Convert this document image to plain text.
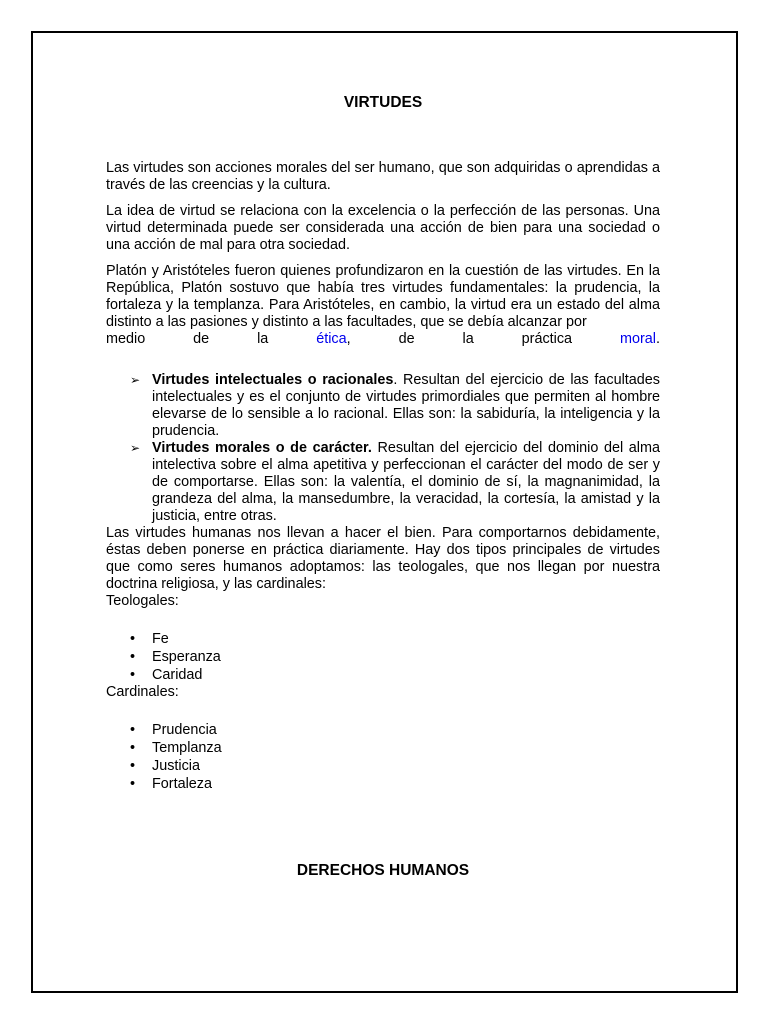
VIRTUDES

Las virtudes son acciones morales del ser humano, que son adquiridas o aprendidas a través de las creencias y la cultura.

La idea de virtud se relaciona con la excelencia o la perfección de las personas. Una virtud determinada puede ser considerada una acción de bien para una sociedad o una acción de mal para otra sociedad.

Platón y Aristóteles fueron quienes profundizaron en la cuestión de las virtudes. En la República, Platón sostuvo que había tres virtudes fundamentales: la prudencia, la fortaleza y la templanza. Para Aristóteles, en cambio, la virtud era un estado del alma distinto a las pasiones y distinto a las facultades, que se debía alcanzar por

medio de la ética, de la práctica moral.

➢ Virtudes intelectuales o racionales. Resultan del ejercicio de las facultades intelectuales y es el conjunto de virtudes primordiales que permiten al hombre elevarse de lo sensible a lo racional. Ellas son: la sabiduría, la inteligencia y la prudencia.
➢ Virtudes morales o de carácter. Resultan del ejercicio del dominio del alma intelectiva sobre el alma apetitiva y perfeccionan el carácter del modo de ser y de comportarse. Ellas son: la valentía, el dominio de sí, la magnanimidad, la grandeza del alma, la mansedumbre, la veracidad, la cortesía, la amistad y la justicia, entre otras.

Las virtudes humanas nos llevan a hacer el bien. Para comportarnos debidamente, éstas deben ponerse en práctica diariamente. Hay dos tipos principales de virtudes que como seres humanos adoptamos: las teologales, que nos llegan por nuestra doctrina religiosa, y las cardinales:

Teologales:
• Fe
• Esperanza
• Caridad
Cardinales:
• Prudencia
• Templanza
• Justicia
• Fortaleza
DERECHOS HUMANOS
